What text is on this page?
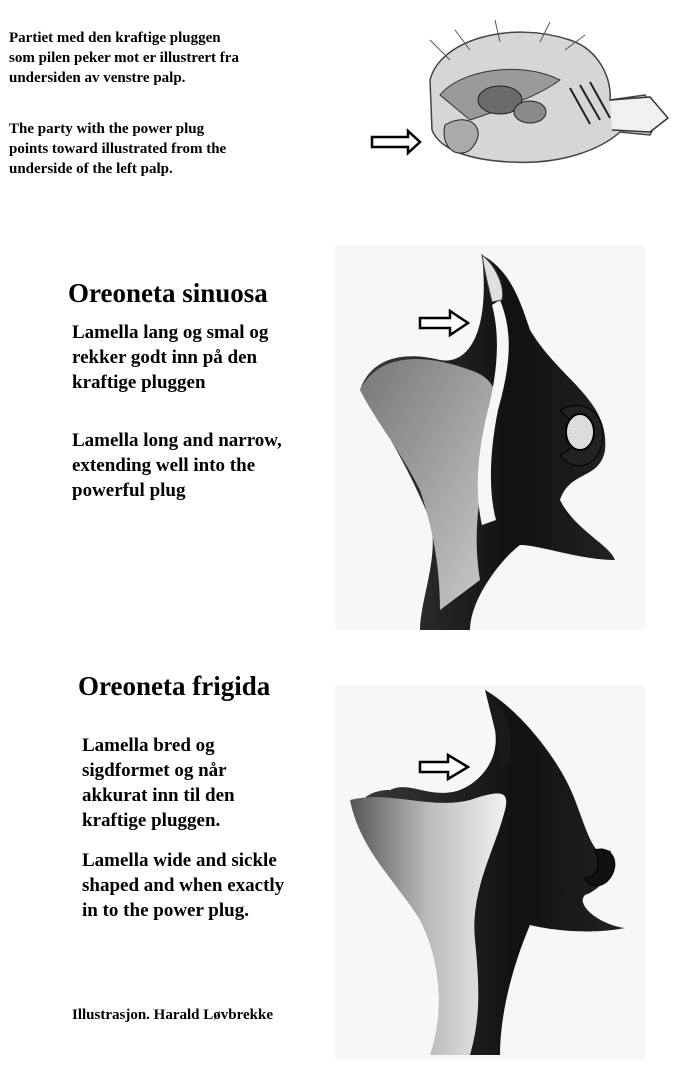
Partiet med den kraftige pluggen
som pilen peker mot er illustrert fra
undersiden av venstre palp.
The party with the power plug
points toward illustrated from the
underside of the left palp.
Oreoneta sinuosa
Lamella lang og smal og
rekker godt inn på den
kraftige pluggen
Lamella long and narrow,
extending well into the
powerful plug
Oreoneta frigida
Lamella bred og
sigdformet og når
akkurat inn til den
kraftige pluggen.
Lamella wide and sickle
shaped and when exactly
in to the power plug.
Illustrasjon. Harald Løvbrekke
